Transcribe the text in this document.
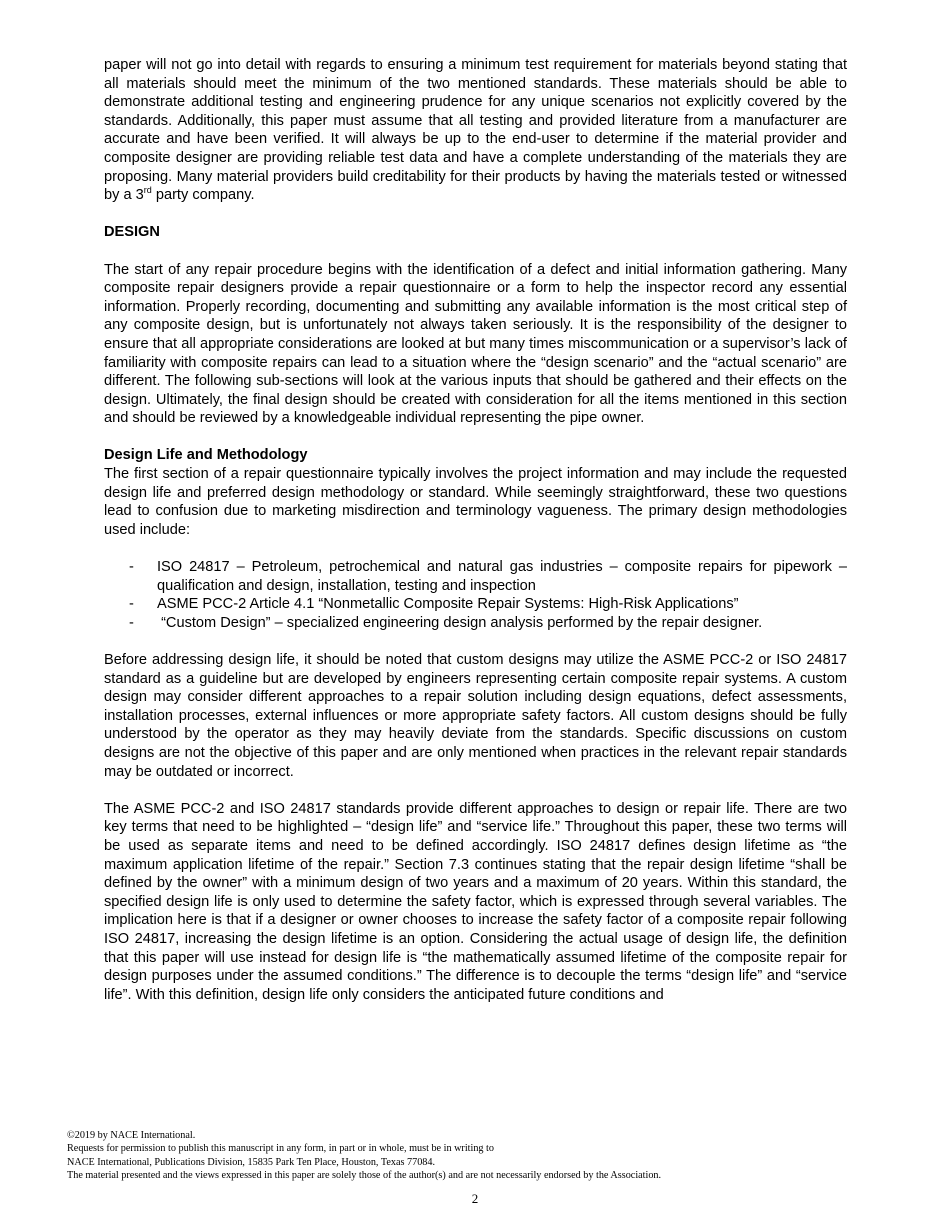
paper will not go into detail with regards to ensuring a minimum test requirement for materials beyond stating that all materials should meet the minimum of the two mentioned standards. These materials should be able to demonstrate additional testing and engineering prudence for any unique scenarios not explicitly covered by the standards. Additionally, this paper must assume that all testing and provided literature from a manufacturer are accurate and have been verified. It will always be up to the end-user to determine if the material provider and composite designer are providing reliable test data and have a complete understanding of the materials they are proposing. Many material providers build creditability for their products by having the materials tested or witnessed by a 3rd party company.

DESIGN

The start of any repair procedure begins with the identification of a defect and initial information gathering. Many composite repair designers provide a repair questionnaire or a form to help the inspector record any essential information. Properly recording, documenting and submitting any available information is the most critical step of any composite design, but is unfortunately not always taken seriously. It is the responsibility of the designer to ensure that all appropriate considerations are looked at but many times miscommunication or a supervisor’s lack of familiarity with composite repairs can lead to a situation where the “design scenario” and the “actual scenario” are different. The following sub-sections will look at the various inputs that should be gathered and their effects on the design. Ultimately, the final design should be created with consideration for all the items mentioned in this section and should be reviewed by a knowledgeable individual representing the pipe owner.

Design Life and Methodology

The first section of a repair questionnaire typically involves the project information and may include the requested design life and preferred design methodology or standard. While seemingly straightforward, these two questions lead to confusion due to marketing misdirection and terminology vagueness. The primary design methodologies used include:

- ISO 24817 – Petroleum, petrochemical and natural gas industries – composite repairs for pipework – qualification and design, installation, testing and inspection
- ASME PCC-2 Article 4.1 “Nonmetallic Composite Repair Systems: High-Risk Applications”
- “Custom Design” – specialized engineering design analysis performed by the repair designer.

Before addressing design life, it should be noted that custom designs may utilize the ASME PCC-2 or ISO 24817 standard as a guideline but are developed by engineers representing certain composite repair systems. A custom design may consider different approaches to a repair solution including design equations, defect assessments, installation processes, external influences or more appropriate safety factors. All custom designs should be fully understood by the operator as they may heavily deviate from the standards. Specific discussions on custom designs are not the objective of this paper and are only mentioned when practices in the relevant repair standards may be outdated or incorrect.

The ASME PCC-2 and ISO 24817 standards provide different approaches to design or repair life. There are two key terms that need to be highlighted – “design life” and “service life.” Throughout this paper, these two terms will be used as separate items and need to be defined accordingly. ISO 24817 defines design lifetime as “the maximum application lifetime of the repair.” Section 7.3 continues stating that the repair design lifetime “shall be defined by the owner” with a minimum design of two years and a maximum of 20 years. Within this standard, the specified design life is only used to determine the safety factor, which is expressed through several variables. The implication here is that if a designer or owner chooses to increase the safety factor of a composite repair following ISO 24817, increasing the design lifetime is an option. Considering the actual usage of design life, the definition that this paper will use instead for design life is “the mathematically assumed lifetime of the composite repair for design purposes under the assumed conditions.” The difference is to decouple the terms “design life” and “service life”. With this definition, design life only considers the anticipated future conditions and

©2019 by NACE International.
Requests for permission to publish this manuscript in any form, in part or in whole, must be in writing to
NACE International, Publications Division, 15835 Park Ten Place, Houston, Texas 77084.
The material presented and the views expressed in this paper are solely those of the author(s) and are not necessarily endorsed by the Association.
2
